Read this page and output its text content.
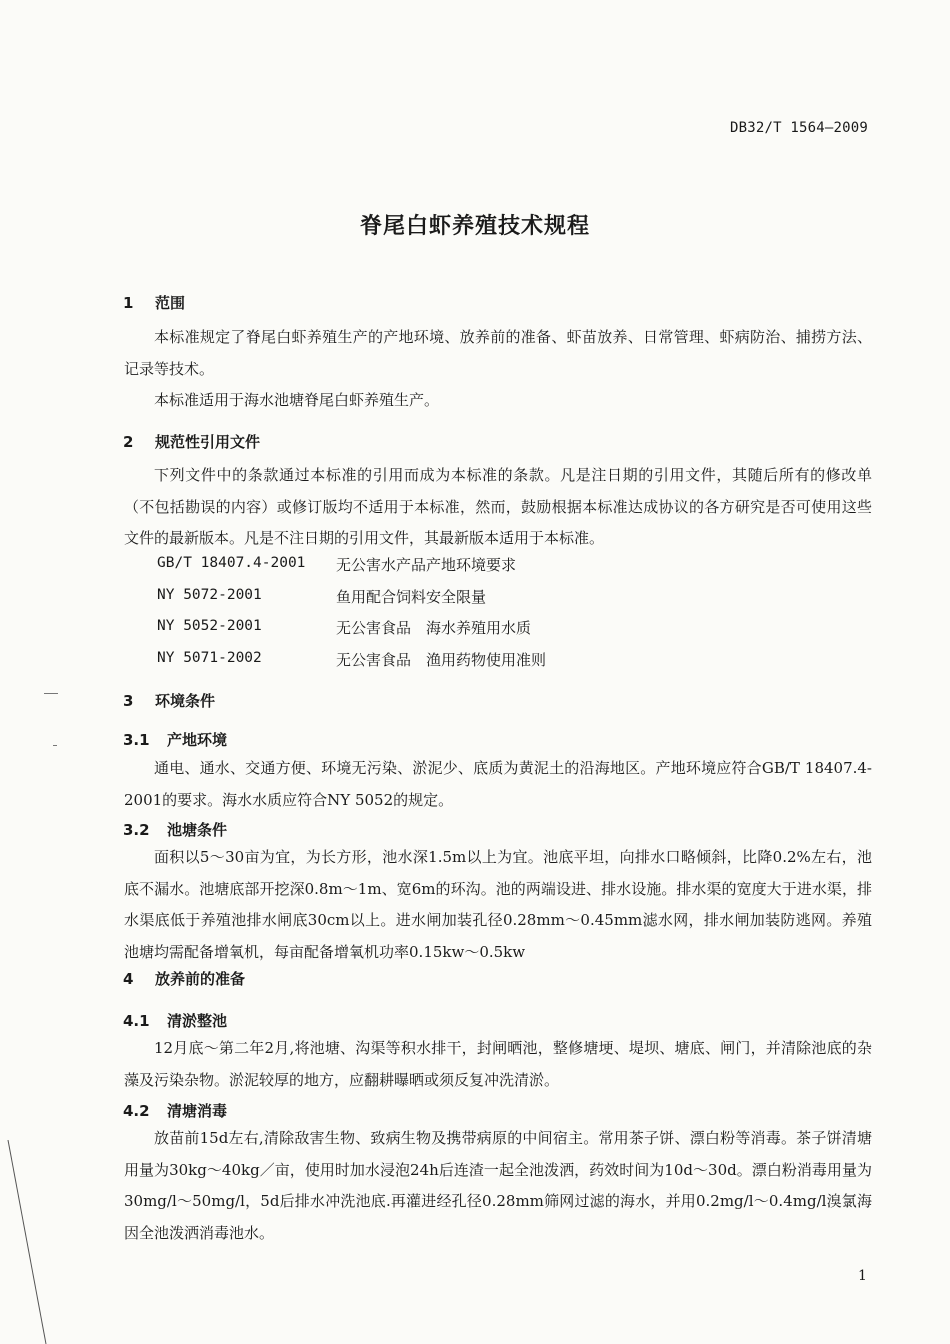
DB32/T 1564—2009
脊尾白虾养殖技术规程
1 范围

本标准规定了脊尾白虾养殖生产的产地环境、放养前的准备、虾苗放养、日常管理、虾病防治、捕捞方法、记录等技术。

本标准适用于海水池塘脊尾白虾养殖生产。

2 规范性引用文件

下列文件中的条款通过本标准的引用而成为本标准的条款。凡是注日期的引用文件，其随后所有的修改单（不包括勘误的内容）或修订版均不适用于本标准，然而，鼓励根据本标准达成协议的各方研究是否可使用这些文件的最新版本。凡是不注日期的引用文件，其最新版本适用于本标准。

GB/T 18407.4-2001 无公害水产品产地环境要求
NY 5072-2001	鱼用配合饲料安全限量
NY 5052-2001	无公害食品　海水养殖用水质
NY 5071-2002	无公害食品　渔用药物使用准则
3 环境条件
3.1 产地环境

通电、通水、交通方便、环境无污染、淤泥少、底质为黄泥土的沿海地区。产地环境应符合GB/T 18407.4-2001的要求。海水水质应符合NY 5052的规定。

3.2 池塘条件

面积以5～30亩为宜，为长方形，池水深1.5m以上为宜。池底平坦，向排水口略倾斜，比降0.2%左右，池底不漏水。池塘底部开挖深0.8m～1m、宽6m的环沟。池的两端设进、排水设施。排水渠的宽度大于进水渠，排水渠底低于养殖池排水闸底30cm以上。进水闸加装孔径0.28mm～0.45mm滤水网，排水闸加装防逃网。养殖池塘均需配备增氧机，每亩配备增氧机功率0.15kw～0.5kw

4 放养前的准备
4.1 清淤整池

12月底～第二年2月,将池塘、沟渠等积水排干，封闸晒池，整修塘埂、堤坝、塘底、闸门，并清除池底的杂藻及污染杂物。淤泥较厚的地方，应翻耕曝晒或须反复冲洗清淤。

4.2 清塘消毒

放苗前15d左右,清除敌害生物、致病生物及携带病原的中间宿主。常用茶子饼、漂白粉等消毒。茶子饼清塘用量为30kg～40kg／亩，使用时加水浸泡24h后连渣一起全池泼洒，药效时间为10d～30d。漂白粉消毒用量为30mg/l～50mg/l，5d后排水冲洗池底.再灌进经孔径0.28mm筛网过滤的海水，并用0.2mg/l～0.4mg/l溴氯海因全池泼洒消毒池水。

1
